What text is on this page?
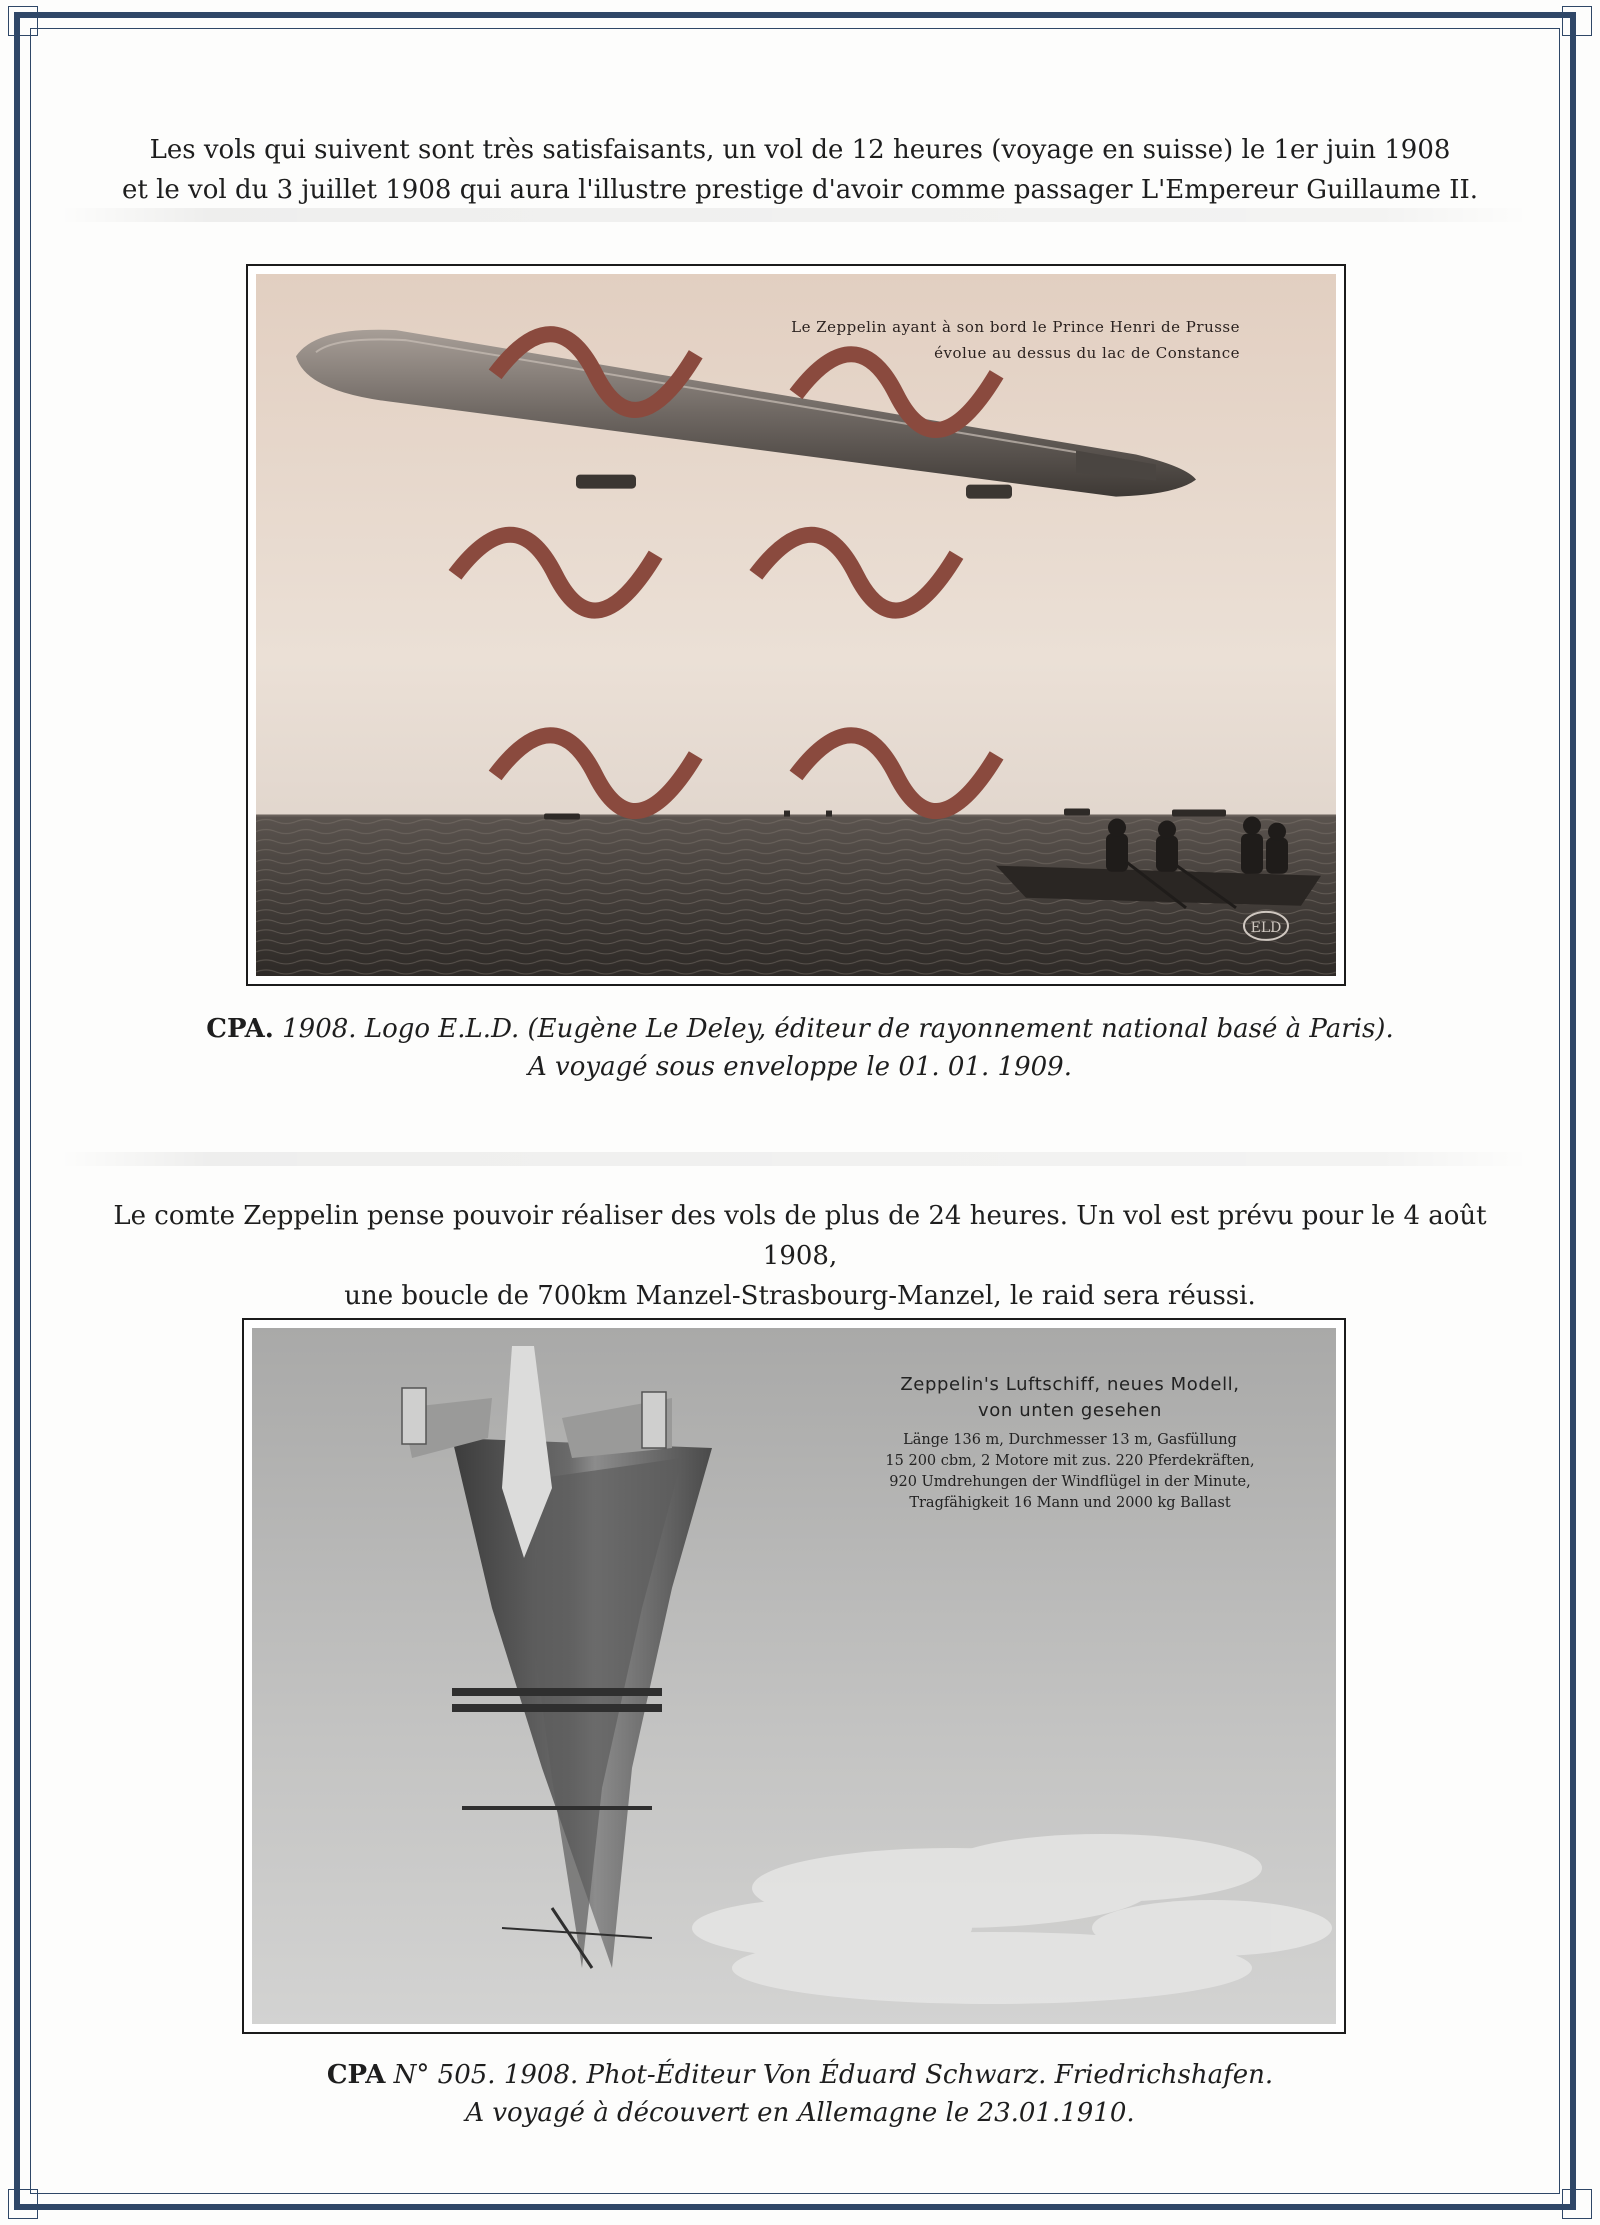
Les vols qui suivent sont très satisfaisants, un vol de 12 heures (voyage en suisse) le 1er juin 1908

et le vol du 3 juillet 1908 qui aura l'illustre prestige d'avoir comme passager L'Empereur Guillaume II.

ELD
Le Zeppelin ayant à son bord le Prince Henri de Prusse
évolue au dessus du lac de Constance

CPA. 1908. Logo E.L.D. (Eugène Le Deley, éditeur de rayonnement national basé à Paris).

A voyagé sous enveloppe le 01. 01. 1909.

Le comte Zeppelin pense pouvoir réaliser des vols de plus de 24 heures. Un vol est prévu pour le 4 août 1908,

une boucle de 700km Manzel-Strasbourg-Manzel, le raid sera réussi.

Zeppelin's Luftschiff, neues Modell,
von unten gesehen
Länge 136 m, Durchmesser 13 m, Gasfüllung
15 200 cbm, 2 Motore mit zus. 220 Pferdekräften,
920 Umdrehungen der Windflügel in der Minute,
Tragfähigkeit 16 Mann und 2000 kg Ballast

CPA N° 505. 1908. Phot-Éditeur Von Éduard Schwarz. Friedrichshafen.

A voyagé à découvert en Allemagne le 23.01.1910.
